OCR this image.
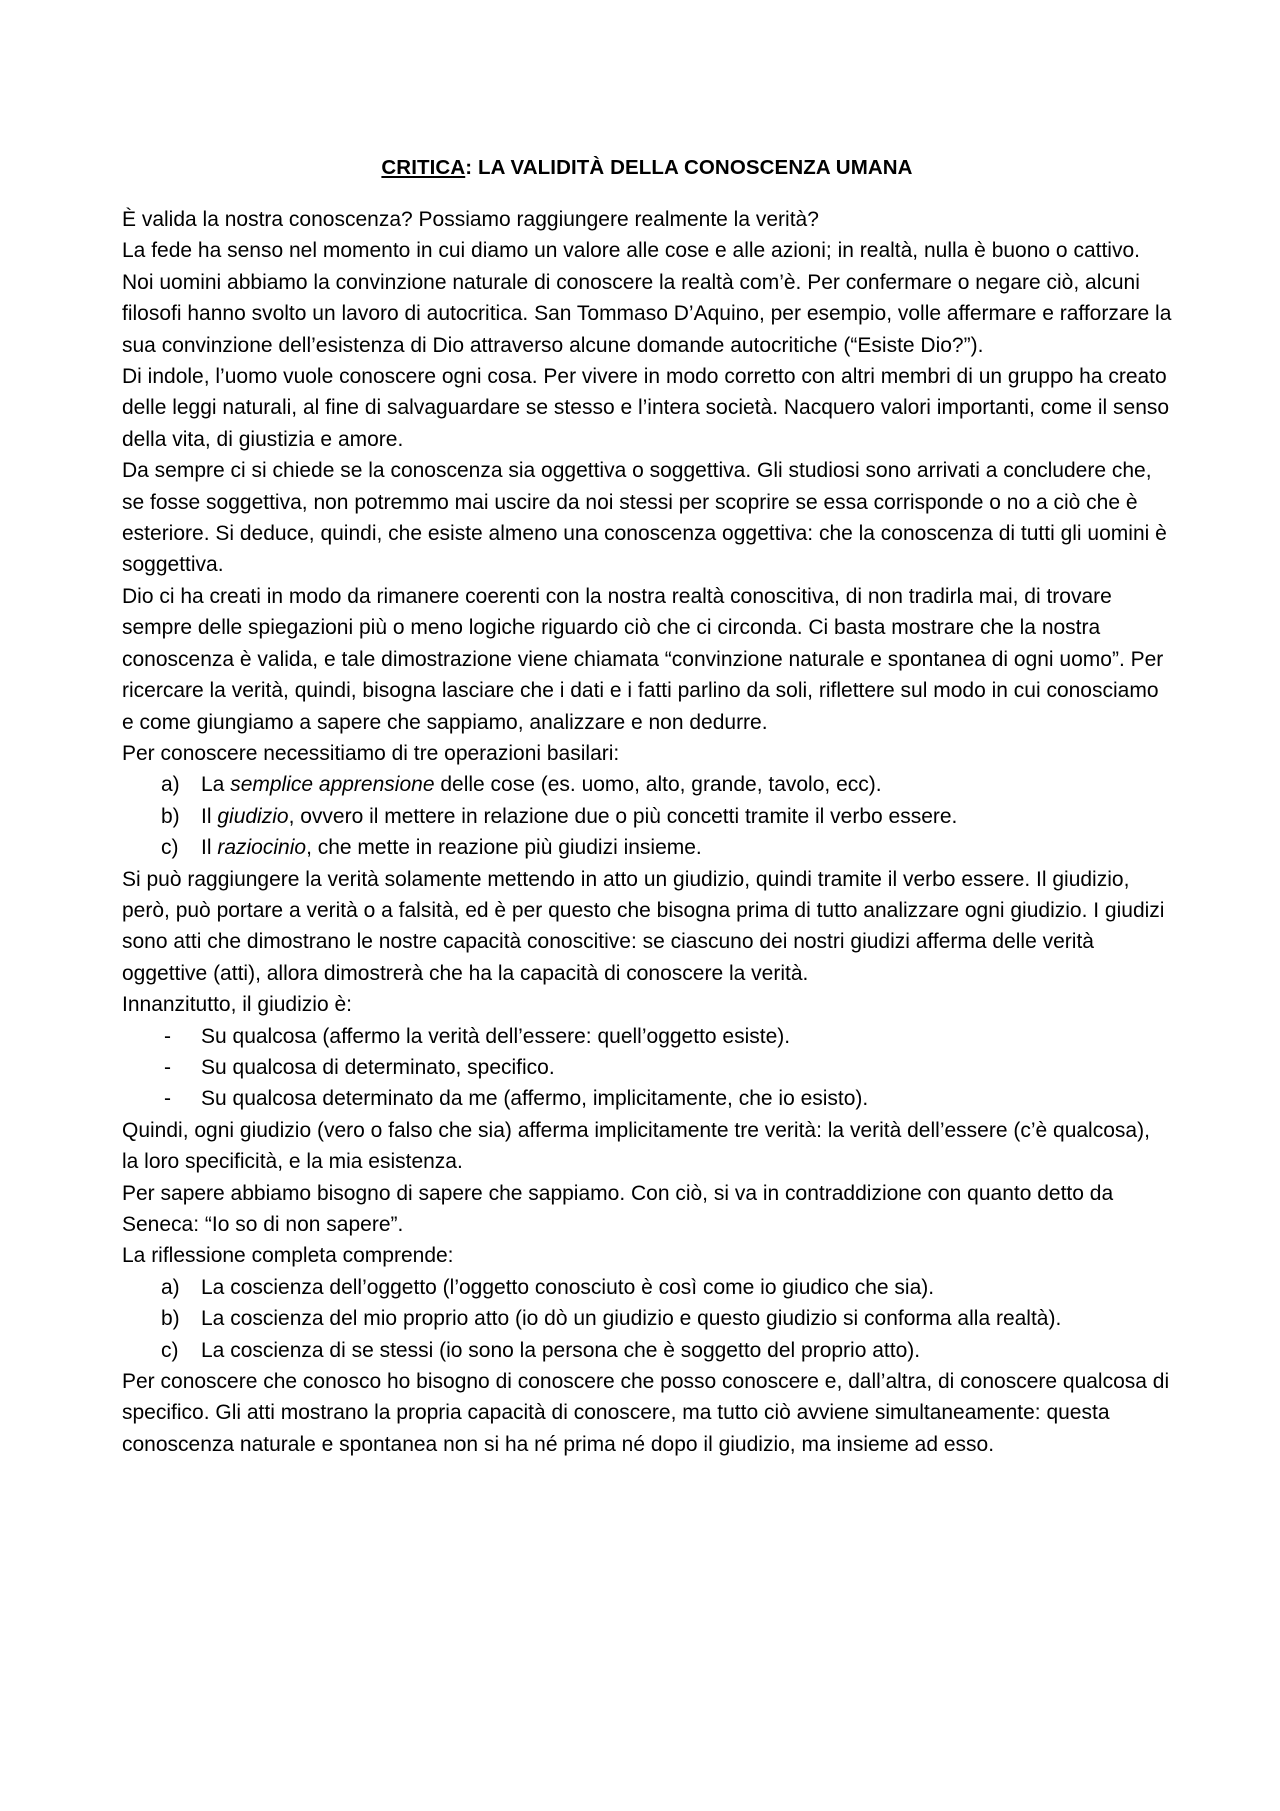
CRITICA: LA VALIDITÀ DELLA CONOSCENZA UMANA

È valida la nostra conoscenza? Possiamo raggiungere realmente la verità?

La fede ha senso nel momento in cui diamo un valore alle cose e alle azioni; in realtà, nulla è buono o cattivo.

Noi uomini abbiamo la convinzione naturale di conoscere la realtà com’è. Per confermare o negare ciò, alcuni filosofi hanno svolto un lavoro di autocritica. San Tommaso D’Aquino, per esempio, volle affermare e rafforzare la sua convinzione dell’esistenza di Dio attraverso alcune domande autocritiche (“Esiste Dio?”).

Di indole, l’uomo vuole conoscere ogni cosa. Per vivere in modo corretto con altri membri di un gruppo ha creato delle leggi naturali, al fine di salvaguardare se stesso e l’intera società. Nacquero valori importanti, come il senso della vita, di giustizia e amore.

Da sempre ci si chiede se la conoscenza sia oggettiva o soggettiva. Gli studiosi sono arrivati a concludere che, se fosse soggettiva, non potremmo mai uscire da noi stessi per scoprire se essa corrisponde o no a ciò che è esteriore. Si deduce, quindi, che esiste almeno una conoscenza oggettiva: che la conoscenza di tutti gli uomini è soggettiva.

Dio ci ha creati in modo da rimanere coerenti con la nostra realtà conoscitiva, di non tradirla mai, di trovare sempre delle spiegazioni più o meno logiche riguardo ciò che ci circonda. Ci basta mostrare che la nostra conoscenza è valida, e tale dimostrazione viene chiamata “convinzione naturale e spontanea di ogni uomo”. Per ricercare la verità, quindi, bisogna lasciare che i dati e i fatti parlino da soli, riflettere sul modo in cui conosciamo e come giungiamo a sapere che sappiamo, analizzare e non dedurre.

Per conoscere necessitiamo di tre operazioni basilari:

a) La semplice apprensione delle cose (es. uomo, alto, grande, tavolo, ecc).
b) Il giudizio, ovvero il mettere in relazione due o più concetti tramite il verbo essere.
c) Il raziocinio, che mette in reazione più giudizi insieme.

Si può raggiungere la verità solamente mettendo in atto un giudizio, quindi tramite il verbo essere. Il giudizio, però, può portare a verità o a falsità, ed è per questo che bisogna prima di tutto analizzare ogni giudizio. I giudizi sono atti che dimostrano le nostre capacità conoscitive: se ciascuno dei nostri giudizi afferma delle verità oggettive (atti), allora dimostrerà che ha la capacità di conoscere la verità.

Innanzitutto, il giudizio è:

- Su qualcosa (affermo la verità dell’essere: quell’oggetto esiste).
- Su qualcosa di determinato, specifico.
- Su qualcosa determinato da me (affermo, implicitamente, che io esisto).

Quindi, ogni giudizio (vero o falso che sia) afferma implicitamente tre verità: la verità dell’essere (c’è qualcosa), la loro specificità, e la mia esistenza.

Per sapere abbiamo bisogno di sapere che sappiamo. Con ciò, si va in contraddizione con quanto detto da Seneca: “Io so di non sapere”.

La riflessione completa comprende:

a) La coscienza dell’oggetto (l’oggetto conosciuto è così come io giudico che sia).
b) La coscienza del mio proprio atto (io dò un giudizio e questo giudizio si conforma alla realtà).
c) La coscienza di se stessi (io sono la persona che è soggetto del proprio atto).

Per conoscere che conosco ho bisogno di conoscere che posso conoscere e, dall’altra, di conoscere qualcosa di specifico. Gli atti mostrano la propria capacità di conoscere, ma tutto ciò avviene simultaneamente: questa conoscenza naturale e spontanea non si ha né prima né dopo il giudizio, ma insieme ad esso.
